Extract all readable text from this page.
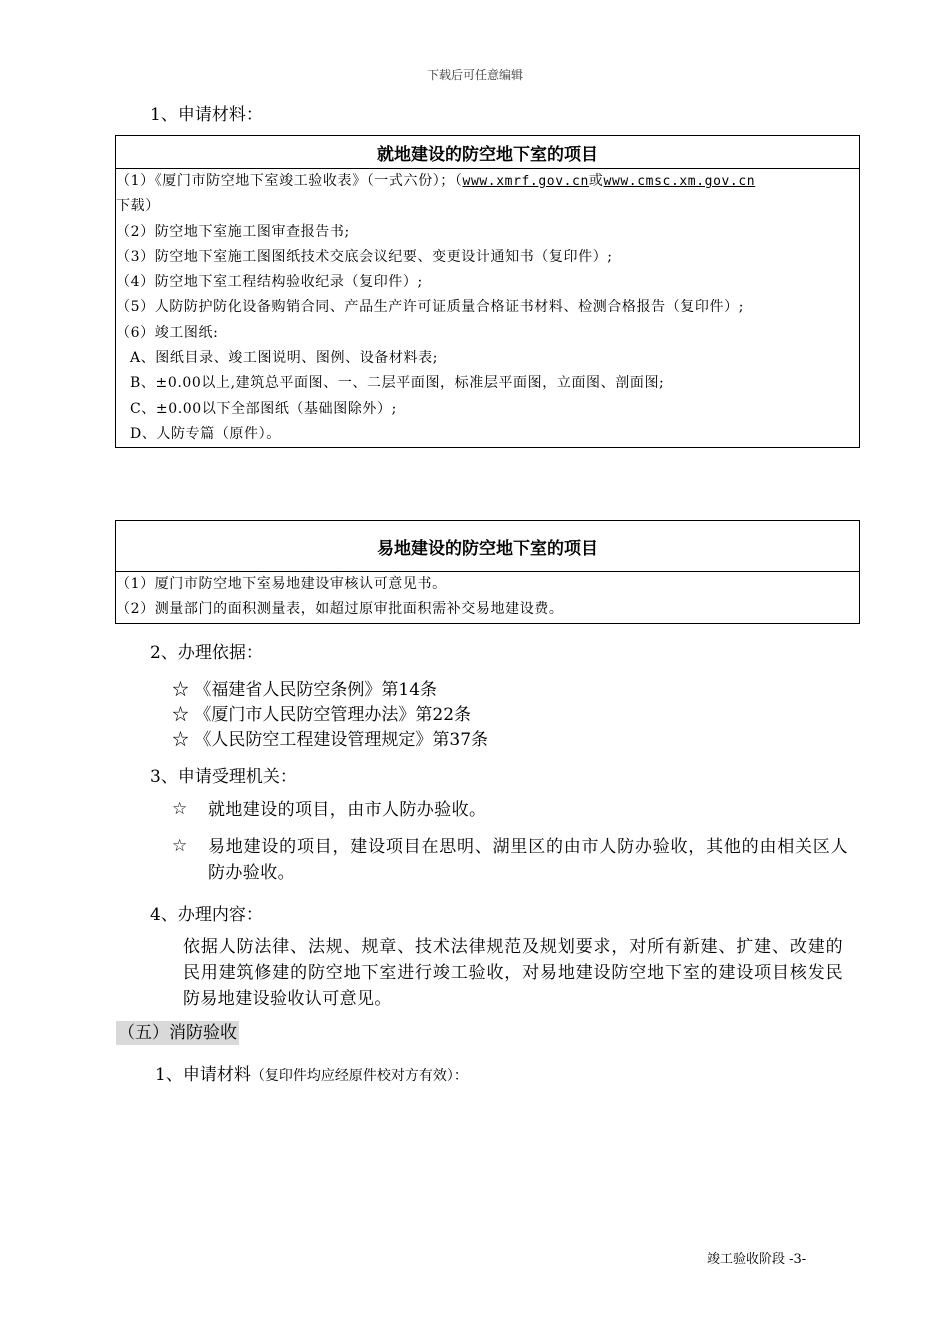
下载后可任意编辑
1、申请材料：
就地建设的防空地下室的项目

（1）《厦门市防空地下室竣工验收表》（一式六份）；（www.xmrf.gov.cn或www.cmsc.xm.gov.cn
下载）
（2）防空地下室施工图审查报告书;
（3）防空地下室施工图图纸技术交底会议纪要、变更设计通知书（复印件）;
（4）防空地下室工程结构验收纪录（复印件）;
（5）人防防护防化设备购销合同、产品生产许可证质量合格证书材料、检测合格报告（复印件）;
（6）竣工图纸:
A、图纸目录、竣工图说明、图例、设备材料表;
B、±0.00以上,建筑总平面图、一、二层平面图，标准层平面图，立面图、剖面图;
C、±0.00以下全部图纸（基础图除外）;
D、人防专篇（原件）。
易地建设的防空地下室的项目

（1）厦门市防空地下室易地建设审核认可意见书。
（2）测量部门的面积测量表，如超过原审批面积需补交易地建设费。
2、办理依据：
☆ 《福建省人民防空条例》第14条
☆ 《厦门市人民防空管理办法》第22条
☆ 《人民防空工程建设管理规定》第37条
3、申请受理机关：
☆ 就地建设的项目，由市人防办验收。
☆ 易地建设的项目，建设项目在思明、湖里区的由市人防办验收，其他的由相关区人防办验收。
4、办理内容：
依据人防法律、法规、规章、技术法律规范及规划要求，对所有新建、扩建、改建的民用建筑修建的防空地下室进行竣工验收，对易地建设防空地下室的建设项目核发民防易地建设验收认可意见。
（五）消防验收
1、申请材料（复印件均应经原件校对方有效）：
竣工验收阶段 -3-
